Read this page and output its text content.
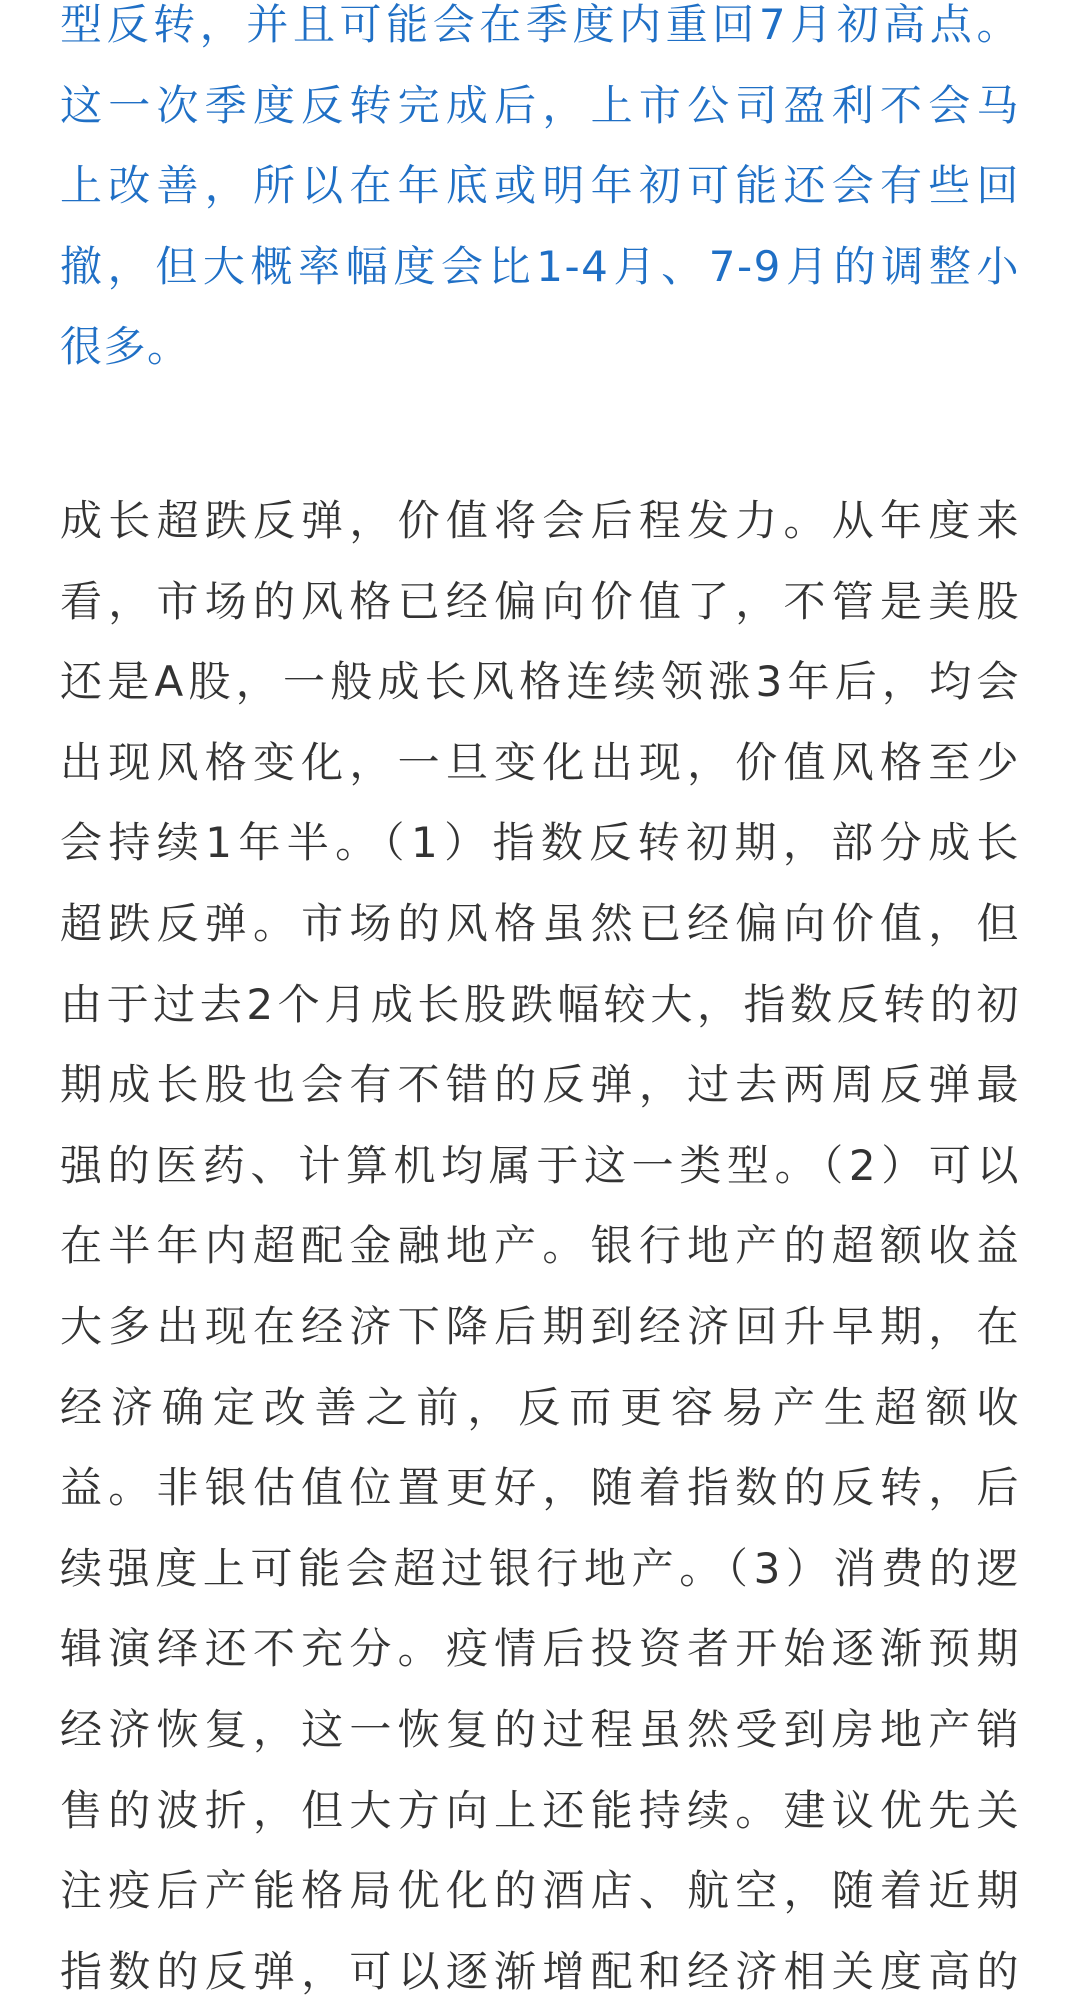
型反转，并且可能会在季度内重回7月初高点。
这一次季度反转完成后，上市公司盈利不会马
上改善，所以在年底或明年初可能还会有些回
撤，但大概率幅度会比1-4月、7-9月的调整小
很多。

成长超跌反弹，价值将会后程发力。从年度来
看，市场的风格已经偏向价值了，不管是美股
还是A股，一般成长风格连续领涨3年后，均会
出现风格变化，一旦变化出现，价值风格至少
会持续1年半。（1）指数反转初期，部分成长
超跌反弹。市场的风格虽然已经偏向价值，但
由于过去2个月成长股跌幅较大，指数反转的初
期成长股也会有不错的反弹，过去两周反弹最
强的医药、计算机均属于这一类型。（2）可以
在半年内超配金融地产。银行地产的超额收益
大多出现在经济下降后期到经济回升早期，在
经济确定改善之前，反而更容易产生超额收
益。非银估值位置更好，随着指数的反转，后
续强度上可能会超过银行地产。（3）消费的逻
辑演绎还不充分。疫情后投资者开始逐渐预期
经济恢复，这一恢复的过程虽然受到房地产销
售的波折，但大方向上还能持续。建议优先关
注疫后产能格局优化的酒店、航空，随着近期
指数的反弹，可以逐渐增配和经济相关度高的
